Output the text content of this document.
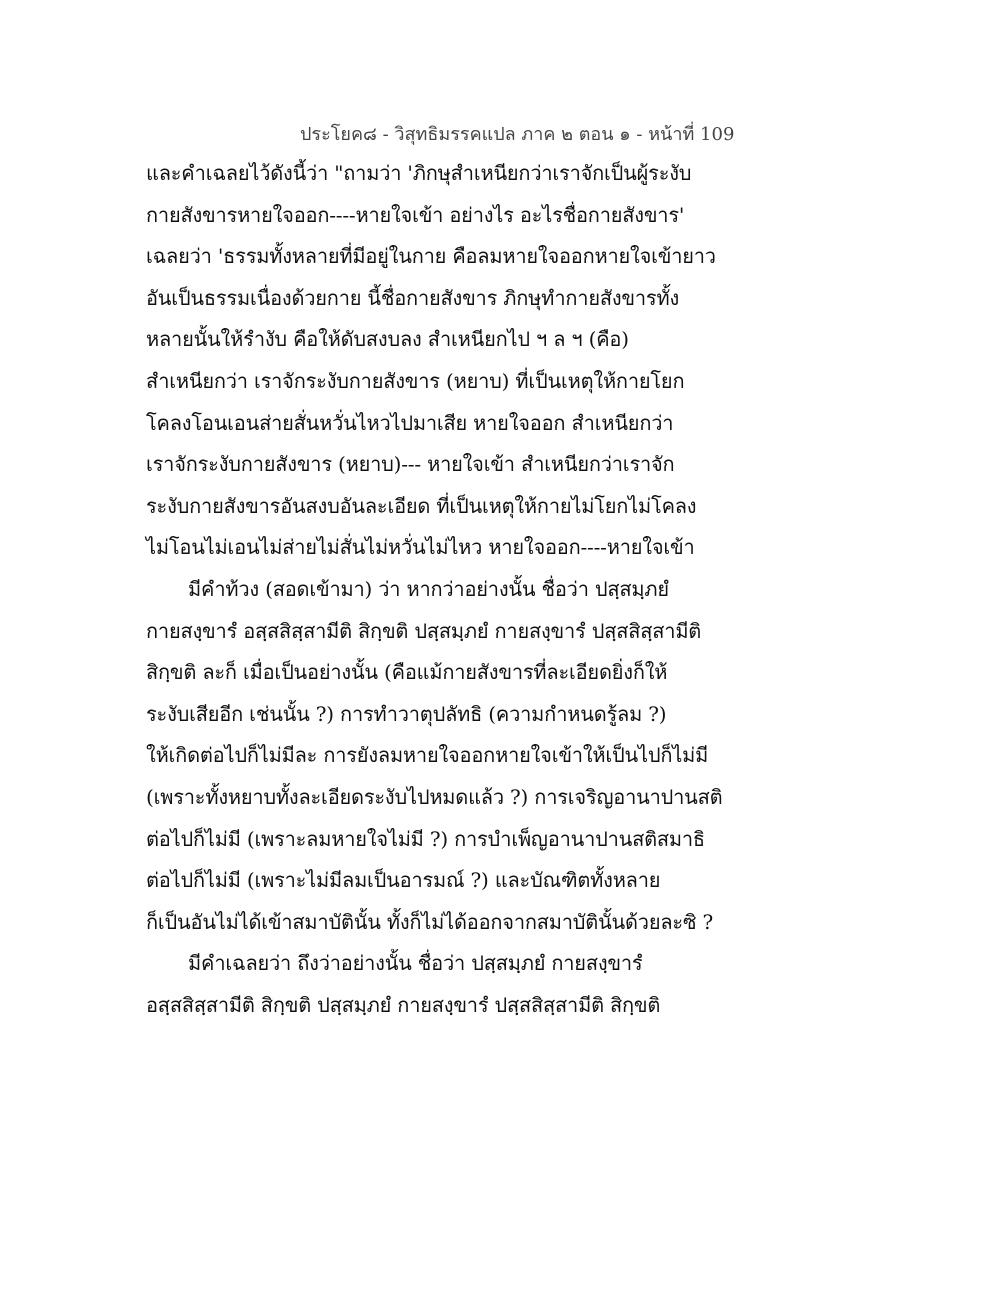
ประโยค๘ - วิสุทธิมรรคแปล ภาค ๒ ตอน ๑ - หน้าที่ 109
และคำเฉลยไว้ดังนี้ว่า "ถามว่า 'ภิกษุสำเหนียกว่าเราจักเป็นผู้ระงับ
กายสังขารหายใจออก----หายใจเข้า อย่างไร อะไรชื่อกายสังขาร'
เฉลยว่า 'ธรรมทั้งหลายที่มีอยู่ในกาย คือลมหายใจออกหายใจเข้ายาว
อันเป็นธรรมเนื่องด้วยกาย นี้ชื่อกายสังขาร ภิกษุทำกายสังขารทั้ง
หลายนั้นให้รำงับ คือให้ดับสงบลง สำเหนียกไป ฯ ล ฯ (คือ)
สำเหนียกว่า เราจักระงับกายสังขาร (หยาบ) ที่เป็นเหตุให้กายโยก
โคลงโอนเอนส่ายสั่นหวั่นไหวไปมาเสีย หายใจออก สำเหนียกว่า
เราจักระงับกายสังขาร (หยาบ)--- หายใจเข้า สำเหนียกว่าเราจัก
ระงับกายสังขารอันสงบอันละเอียด ที่เป็นเหตุให้กายไม่โยกไม่โคลง
ไม่โอนไม่เอนไม่ส่ายไม่สั่นไม่หวั่นไม่ไหว หายใจออก----หายใจเข้า
มีคำท้วง (สอดเข้ามา) ว่า หากว่าอย่างนั้น ชื่อว่า ปสฺสมฺภยํ
กายสงฺขารํ อสฺสสิสฺสามีติ สิกฺขติ ปสฺสมฺภยํ กายสงฺขารํ ปสฺสสิสฺสามีติ
สิกฺขติ ละก็ เมื่อเป็นอย่างนั้น (คือแม้กายสังขารที่ละเอียดยิ่งก็ให้
ระงับเสียอีก เช่นนั้น ?) การทำวาตุปลัทธิ (ความกำหนดรู้ลม ?)
ให้เกิดต่อไปก็ไม่มีละ การยังลมหายใจออกหายใจเข้าให้เป็นไปก็ไม่มี
(เพราะทั้งหยาบทั้งละเอียดระงับไปหมดแล้ว ?) การเจริญอานาปานสติ
ต่อไปก็ไม่มี (เพราะลมหายใจไม่มี ?) การบำเพ็ญอานาปานสติสมาธิ
ต่อไปก็ไม่มี (เพราะไม่มีลมเป็นอารมณ์ ?) และบัณฑิตทั้งหลาย
ก็เป็นอันไม่ได้เข้าสมาบัตินั้น ทั้งก็ไม่ได้ออกจากสมาบัตินั้นด้วยละซิ ?
มีคำเฉลยว่า ถึงว่าอย่างนั้น ชื่อว่า ปสฺสมฺภยํ กายสงฺขารํ
อสฺสสิสฺสามีติ สิกฺขติ ปสฺสมฺภยํ กายสงฺขารํ ปสฺสสิสฺสามีติ สิกฺขติ
